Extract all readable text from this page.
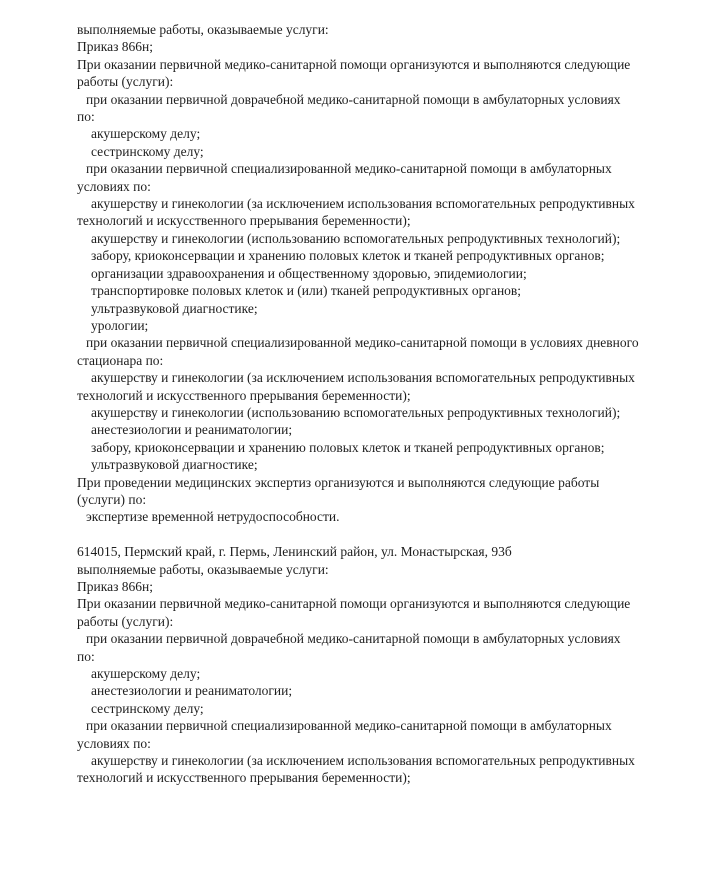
выполняемые работы, оказываемые услуги:
Приказ 866н;
При оказании первичной медико-санитарной помощи организуются и выполняются следующие
работы (услуги):
при оказании первичной доврачебной медико-санитарной помощи в амбулаторных условиях
по:
акушерскому делу;
сестринскому делу;
при оказании первичной специализированной медико-санитарной помощи в амбулаторных
условиях по:
акушерству и гинекологии (за исключением использования вспомогательных репродуктивных
технологий и искусственного прерывания беременности);
акушерству и гинекологии (использованию вспомогательных репродуктивных технологий);
забору, криоконсервации и хранению половых клеток и тканей репродуктивных органов;
организации здравоохранения и общественному здоровью, эпидемиологии;
транспортировке половых клеток и (или) тканей репродуктивных органов;
ультразвуковой диагностике;
урологии;
при оказании первичной специализированной медико-санитарной помощи в условиях дневного
стационара по:
акушерству и гинекологии (за исключением использования вспомогательных репродуктивных
технологий и искусственного прерывания беременности);
акушерству и гинекологии (использованию вспомогательных репродуктивных технологий);
анестезиологии и реаниматологии;
забору, криоконсервации и хранению половых клеток и тканей репродуктивных органов;
ультразвуковой диагностике;
При проведении медицинских экспертиз организуются и выполняются следующие работы
(услуги) по:
экспертизе временной нетрудоспособности.
614015, Пермский край, г. Пермь, Ленинский район, ул. Монастырская, 93б
выполняемые работы, оказываемые услуги:
Приказ 866н;
При оказании первичной медико-санитарной помощи организуются и выполняются следующие
работы (услуги):
при оказании первичной доврачебной медико-санитарной помощи в амбулаторных условиях
по:
акушерскому делу;
анестезиологии и реаниматологии;
сестринскому делу;
при оказании первичной специализированной медико-санитарной помощи в амбулаторных
условиях по:
акушерству и гинекологии (за исключением использования вспомогательных репродуктивных
технологий и искусственного прерывания беременности);
